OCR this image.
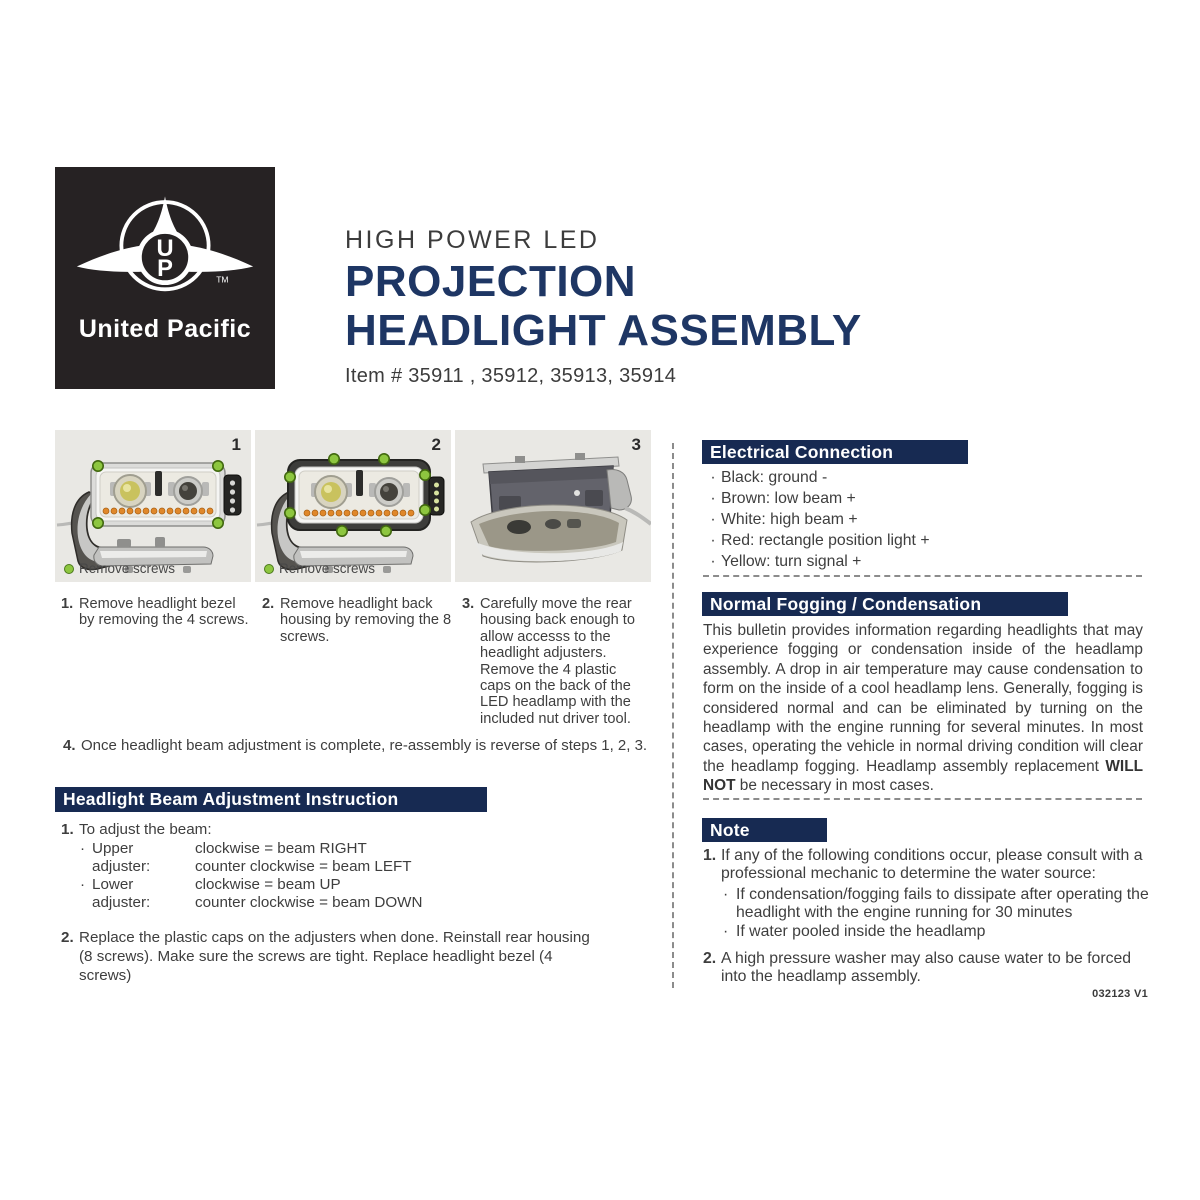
U
P	TM
United Pacific
HIGH POWER LED
PROJECTION
HEADLIGHT ASSEMBLY
Item # 35911 , 35912, 35913, 35914
1
Remove screws
2
Remove screws
3
1. Remove headlight bezel by removing the 4 screws.
2. Remove headlight back housing by removing the 8 screws.
3. Carefully move the rear housing back enough to allow accesss to the headlight adjusters. Remove the 4 plastic caps on the back of the LED headlamp with the included nut driver tool.
4. Once headlight beam adjustment is complete, re-assembly is reverse of steps 1, 2, 3.
Headlight Beam Adjustment Instruction
1. To adjust the beam:
· Upper adjuster:
clockwise = beam RIGHT
counter clockwise = beam LEFT
· Lower adjuster:
clockwise = beam UP
counter clockwise = beam DOWN
2. Replace the plastic caps on the adjusters when done. Reinstall rear housing (8 screws). Make sure the screws are tight. Replace headlight bezel (4 screws)
Electrical Connection
· Black: ground -
· Brown: low beam +
· White: high beam +
· Red: rectangle position light +
· Yellow: turn signal +
Normal Fogging / Condensation
This bulletin provides information regarding headlights that may experience fogging or condensation inside of the headlamp assembly. A drop in air temperature may cause condensation to form on the inside of a cool headlamp lens. Generally, fogging is considered normal and can be eliminated by turning on the headlamp with the engine running for several minutes. In most cases, operating the vehicle in normal driving condition will clear the headlamp fogging. Headlamp assembly replacement WILL NOT be necessary in most cases.
Note
1. If any of the following conditions occur, please consult with a professional mechanic to determine the water source:
· If condensation/fogging fails to dissipate after operating the headlight with the engine running for 30 minutes
· If water pooled inside the headlamp
2. A high pressure washer may also cause water to be forced into the headlamp assembly.
032123 V1
